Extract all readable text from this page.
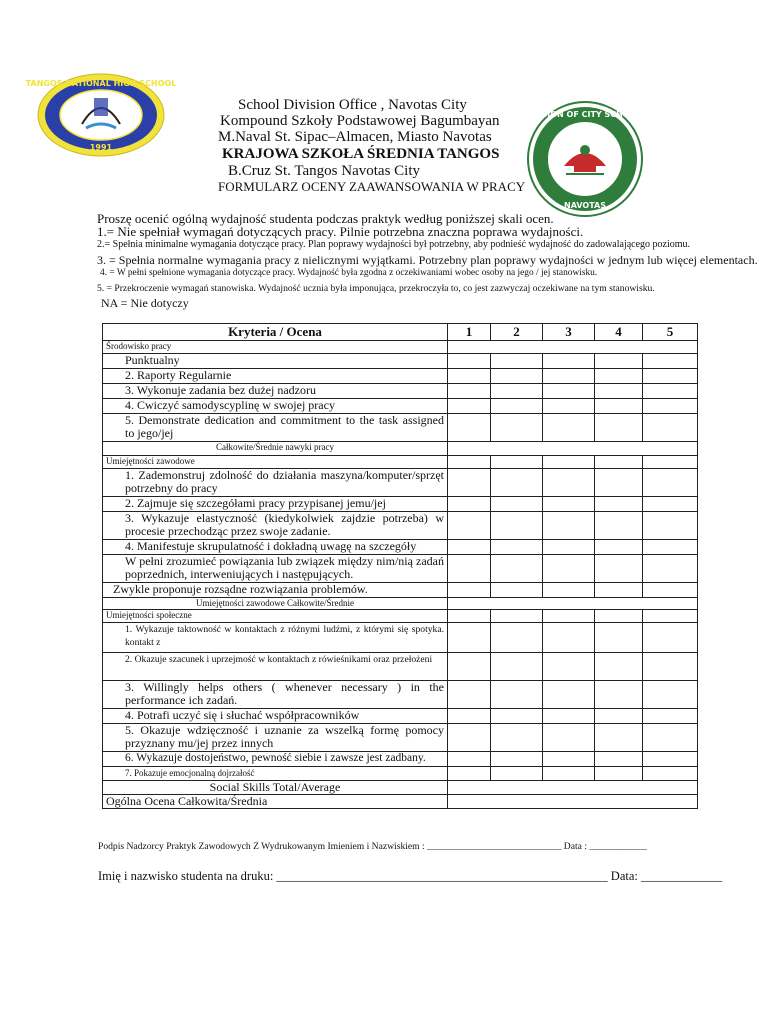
TANGOS NATIONAL HIGH SCHOOL
1991
DIVISION OF CITY SCHOOLS
2010
NAVOTAS
School Division Office , Navotas City
Kompound Szkoły Podstawowej Bagumbayan
M.Naval St. Sipac–Almacen, Miasto Navotas
KRAJOWA SZKOŁA ŚREDNIA TANGOS
B.Cruz St. Tangos Navotas City
FORMULARZ OCENY ZAAWANSOWANIA W PRACY
Proszę ocenić ogólną wydajność studenta podczas praktyk według poniższej skali ocen.
1.= Nie spełniał wymagań dotyczących pracy. Pilnie potrzebna znaczna poprawa wydajności.
2.= Spełnia minimalne wymagania dotyczące pracy. Plan poprawy wydajności był potrzebny, aby podnieść wydajność do zadowalającego poziomu.
3. = Spełnia normalne wymagania pracy z nielicznymi wyjątkami. Potrzebny plan poprawy wydajności w jednym lub więcej elementach.
4. = W pełni spełnione wymagania dotyczące pracy. Wydajność była zgodna z oczekiwaniami wobec osoby na jego / jej stanowisku.
5. = Przekroczenie wymagań stanowiska. Wydajność ucznia była imponująca, przekroczyła to, co jest zazwyczaj oczekiwane na tym stanowisku.
NA = Nie dotyczy
Kryteria / Ocena	1	2	3	4	5
Środowisko pracy					
Punktualny					
2. Raporty Regularnie					
3. Wykonuje zadania bez dużej nadzoru					
4. Cwiczyć samodyscyplinę w swojej pracy					
5. Demonstrate dedication and commitment to the task assigned to jego/jej					
Całkowite/Średnie nawyki pracy					
Umiejętności zawodowe					
1. Zademonstruj zdolność do działania maszyna/komputer/sprzęt potrzebny do pracy					
2. Zajmuje się szczegółami pracy przypisanej jemu/jej					
3. Wykazuje elastyczność (kiedykolwiek zajdzie potrzeba) w procesie przechodząc przez swoje zadanie.					
4. Manifestuje skrupulatność i dokładną uwagę na szczegóły					
W pełni zrozumieć powiązania lub związek między nim/nią zadań poprzednich, interweniujących i następujących.					
Zwykle proponuje rozsądne rozwiązania problemów.					
Umiejętności zawodowe Całkowite/Średnie					
Umiejętności społeczne					
1. Wykazuje taktowność w kontaktach z różnymi ludźmi, z którymi się spotyka. kontakt z					
2. Okazuje szacunek i uprzejmość w kontaktach z rówieśnikami oraz przełożeni					
3. Willingly helps others ( whenever necessary ) in the performance ich zadań.					
4. Potrafi uczyć się i słuchać współpracowników					
5. Okazuje wdzięczność i uznanie za wszelką formę pomocy przyznany mu/jej przez innych					
6. Wykazuje dostojeństwo, pewność siebie i zawsze jest zadbany.					
7. Pokazuje emocjonalną dojrzałość					
Social Skills Total/Average					
Ogólna Ocena Całkowita/Średnia					
Podpis Nadzorcy Praktyk Zawodowych Z Wydrukowanym Imieniem i Nazwiskiem : ____________________________ Data : ____________
Imię i nazwisko studenta na druku: _____________________________________________________ Data: _____________
